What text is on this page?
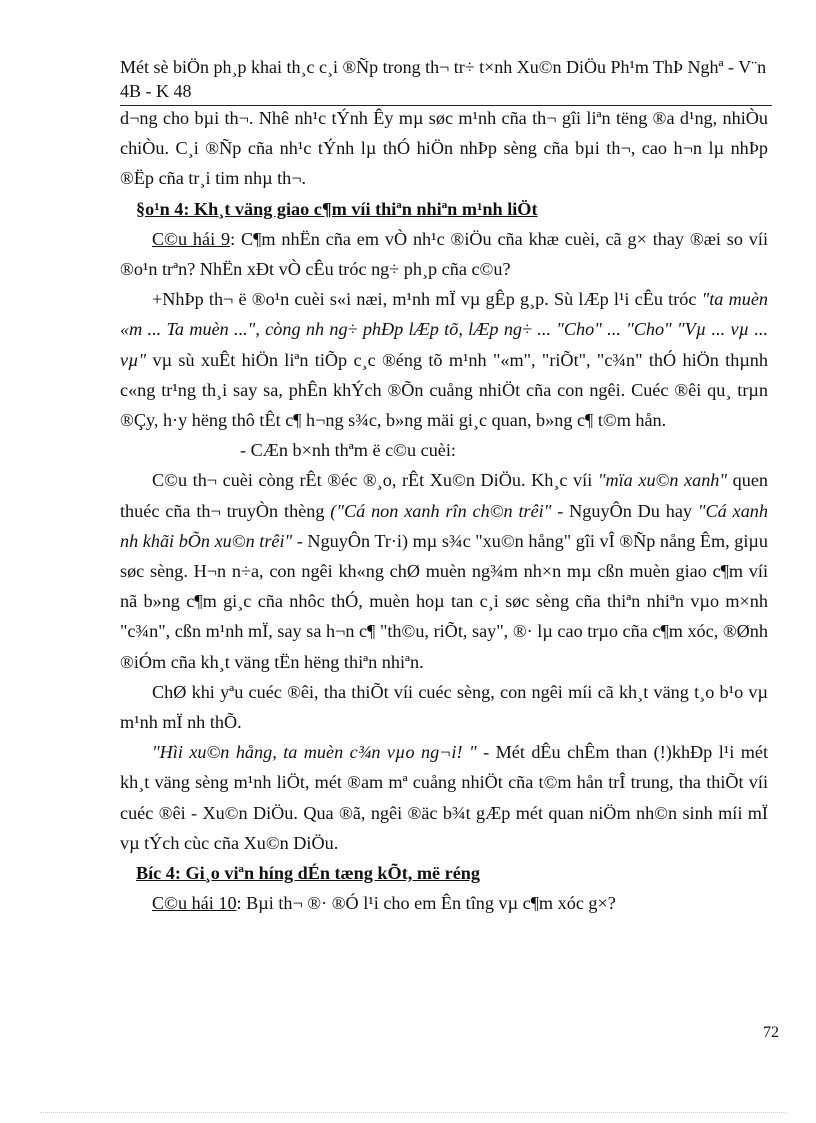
Mét sè biÖn ph¸p khai th¸c c¸i ®Ñp trong th¬ tr÷ t×nh Xu©n DiÖu Ph¹m ThÞ Nghª - V¨n 4B - K 48

d¬ng cho bµi th¬. Nhê nh¹c tÝnh Êy mµ søc m¹nh cña th¬ gîi liªn tëng ®a d¹ng, nhiÒu chiÒu. C¸i ®Ñp cña nh¹c tÝnh lµ thÓ hiÖn nhÞp sèng cña bµi th¬, cao h¬n lµ nhÞp ®Ëp cña tr¸i tim nhµ th¬.

§o¹n 4: Kh¸t väng giao c¶m víi thiªn nhiªn m¹nh liÖt

C©u hái 9: C¶m nhËn cña em vÒ nh¹c ®iÖu cña khæ cuèi, cã g× thay ®æi so víi ®o¹n trªn? NhËn xÐt vÒ cÊu tróc ng÷ ph¸p cña c©u?

+NhÞp th¬ ë ®o¹n cuèi s«i næi, m¹nh mÏ vµ gÊp g¸p. Sù lÆp l¹i cÊu tróc "ta muèn «m ... Ta muèn ...", còng nh ng÷ phÐp lÆp tõ, lÆp ng÷ ... "Cho" ... "Cho" "Vµ ... vµ ... vµ" vµ sù xuÊt hiÖn liªn tiÕp c¸c ®éng tõ m¹nh "«m", "riÕt", "c¾n" thÓ hiÖn thµnh c«ng tr¹ng th¸i say sa, phÊn khÝch ®Õn cuång nhiÖt cña con ngêi. Cuéc ®êi qu¸ trµn ®Çy, h·y hëng thô tÊt c¶ h¬ng s¾c, b»ng mäi gi¸c quan, b»ng c¶ t©m hån.

- CÆn b×nh thªm ë c©u cuèi:

C©u th¬ cuèi còng rÊt ®éc ®¸o, rÊt Xu©n DiÖu. Kh¸c víi "mïa xu©n xanh" quen thuéc cña th¬ truyÒn thèng ("Cá non xanh rîn ch©n trêi" - NguyÔn Du hay "Cá xanh nh khãi bÕn xu©n trêi" - NguyÔn Tr·i) mµ s¾c "xu©n hång" gîi vÎ ®Ñp nång Êm, giµu søc sèng. H¬n n÷a, con ngêi kh«ng chØ muèn ng¾m nh×n mµ cßn muèn giao c¶m víi nã b»ng c¶m gi¸c cña nhôc thÓ, muèn hoµ tan c¸i søc sèng cña thiªn nhiªn vµo m×nh "c¾n", cßn m¹nh mÏ, say sa h¬n c¶ "th©u, riÕt, say", ®· lµ cao trµo cña c¶m xóc, ®Ønh ®iÓm cña kh¸t väng tËn hëng thiªn nhiªn.

ChØ khi yªu cuéc ®êi, tha thiÕt víi cuéc sèng, con ngêi míi cã kh¸t väng t¸o b¹o vµ m¹nh mÏ nh thÕ.

"Hìi xu©n hång, ta muèn c¾n vµo ng¬i! " - Mét dÊu chÊm than (!)khÐp l¹i mét kh¸t väng sèng m¹nh liÖt, mét ®am mª cuång nhiÖt cña t©m hån trÎ trung, tha thiÕt víi cuéc ®êi - Xu©n DiÖu. Qua ®ã, ngêi ®äc b¾t gÆp mét quan niÖm nh©n sinh míi mÏ vµ tÝch cùc cña Xu©n DiÖu.

Bíc 4: Gi¸o viªn híng dÉn tæng kÕt, më réng

C©u hái 10: Bµi th¬ ®· ®Ó l¹i cho em Ên tîng vµ c¶m xóc g×?

72
